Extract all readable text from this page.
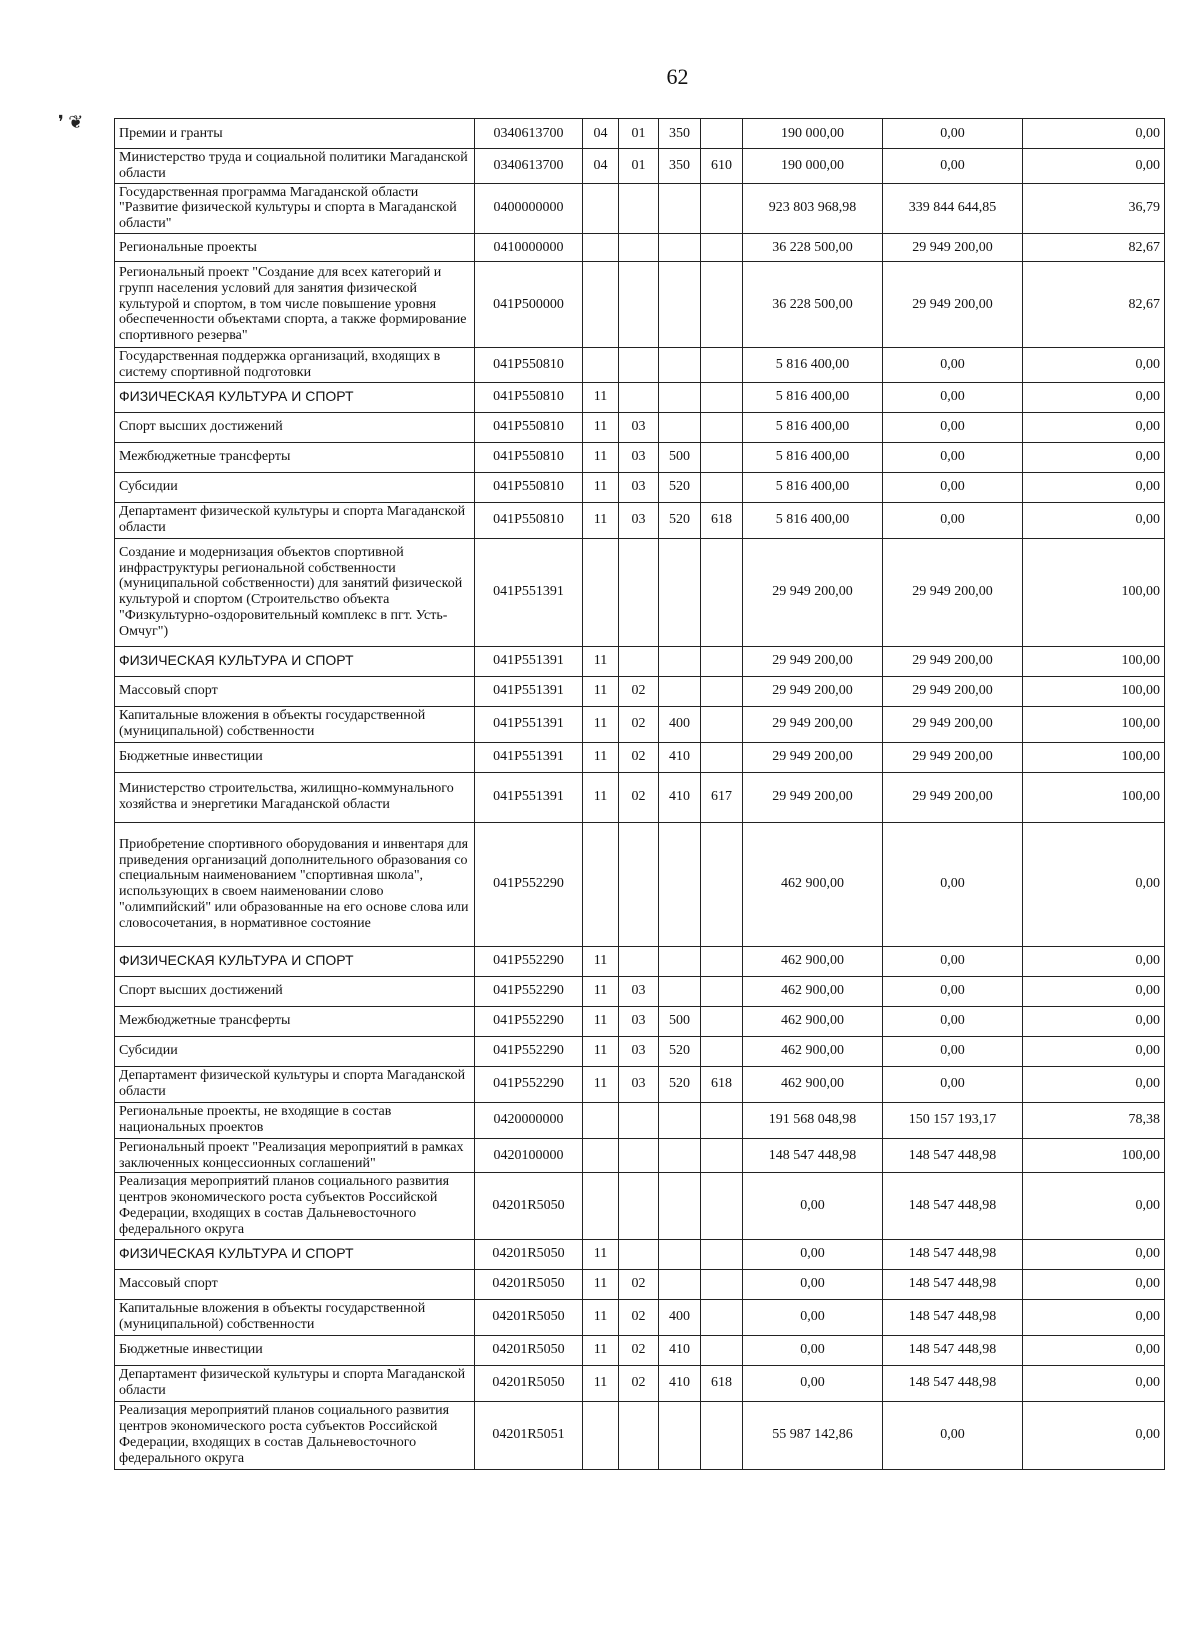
62
❜ ❦
Премии и гранты	0340613700	04	01	350		190 000,00	0,00	0,00
Министерство труда и социальной политики Магаданской области	0340613700	04	01	350	610	190 000,00	0,00	0,00
Государственная программа Магаданской области "Развитие физической культуры и спорта в Магаданской области"	0400000000					923 803 968,98	339 844 644,85	36,79
Региональные проекты	0410000000					36 228 500,00	29 949 200,00	82,67
Региональный проект "Создание для всех категорий и групп населения условий для занятия физической культурой и спортом, в том числе повышение уровня обеспеченности объектами спорта, а также формирование спортивного резерва"	041P500000					36 228 500,00	29 949 200,00	82,67
Государственная поддержка организаций, входящих в систему спортивной подготовки	041P550810					5 816 400,00	0,00	0,00
ФИЗИЧЕСКАЯ КУЛЬТУРА И СПОРТ	041P550810	11				5 816 400,00	0,00	0,00
Спорт высших достижений	041P550810	11	03			5 816 400,00	0,00	0,00
Межбюджетные трансферты	041P550810	11	03	500		5 816 400,00	0,00	0,00
Субсидии	041P550810	11	03	520		5 816 400,00	0,00	0,00
Департамент физической культуры и спорта Магаданской области	041P550810	11	03	520	618	5 816 400,00	0,00	0,00
Создание и модернизация объектов спортивной инфраструктуры региональной собственности (муниципальной собственности) для занятий физической культурой и спортом (Строительство объекта "Физкультурно-оздоровительный комплекс в пгт. Усть-Омчуг")	041P551391					29 949 200,00	29 949 200,00	100,00
ФИЗИЧЕСКАЯ КУЛЬТУРА И СПОРТ	041P551391	11				29 949 200,00	29 949 200,00	100,00
Массовый спорт	041P551391	11	02			29 949 200,00	29 949 200,00	100,00
Капитальные вложения в объекты государственной (муниципальной) собственности	041P551391	11	02	400		29 949 200,00	29 949 200,00	100,00
Бюджетные инвестиции	041P551391	11	02	410		29 949 200,00	29 949 200,00	100,00
Министерство строительства, жилищно-коммунального хозяйства и энергетики Магаданской области	041P551391	11	02	410	617	29 949 200,00	29 949 200,00	100,00
Приобретение спортивного оборудования и инвентаря для приведения организаций дополнительного образования со специальным наименованием "спортивная школа", использующих в своем наименовании слово "олимпийский" или образованные на его основе слова или словосочетания, в нормативное состояние	041P552290					462 900,00	0,00	0,00
ФИЗИЧЕСКАЯ КУЛЬТУРА И СПОРТ	041P552290	11				462 900,00	0,00	0,00
Спорт высших достижений	041P552290	11	03			462 900,00	0,00	0,00
Межбюджетные трансферты	041P552290	11	03	500		462 900,00	0,00	0,00
Субсидии	041P552290	11	03	520		462 900,00	0,00	0,00
Департамент физической культуры и спорта Магаданской области	041P552290	11	03	520	618	462 900,00	0,00	0,00
Региональные проекты, не входящие в состав национальных проектов	0420000000					191 568 048,98	150 157 193,17	78,38
Региональный проект "Реализация мероприятий в рамках заключенных концессионных соглашений"	0420100000					148 547 448,98	148 547 448,98	100,00
Реализация мероприятий планов социального развития центров экономического роста субъектов Российской Федерации, входящих в состав Дальневосточного федерального округа	04201R5050					0,00	148 547 448,98	0,00
ФИЗИЧЕСКАЯ КУЛЬТУРА И СПОРТ	04201R5050	11				0,00	148 547 448,98	0,00
Массовый спорт	04201R5050	11	02			0,00	148 547 448,98	0,00
Капитальные вложения в объекты государственной (муниципальной) собственности	04201R5050	11	02	400		0,00	148 547 448,98	0,00
Бюджетные инвестиции	04201R5050	11	02	410		0,00	148 547 448,98	0,00
Департамент физической культуры и спорта Магаданской области	04201R5050	11	02	410	618	0,00	148 547 448,98	0,00
Реализация мероприятий планов социального развития центров экономического роста субъектов Российской Федерации, входящих в состав Дальневосточного федерального округа	04201R5051					55 987 142,86	0,00	0,00
